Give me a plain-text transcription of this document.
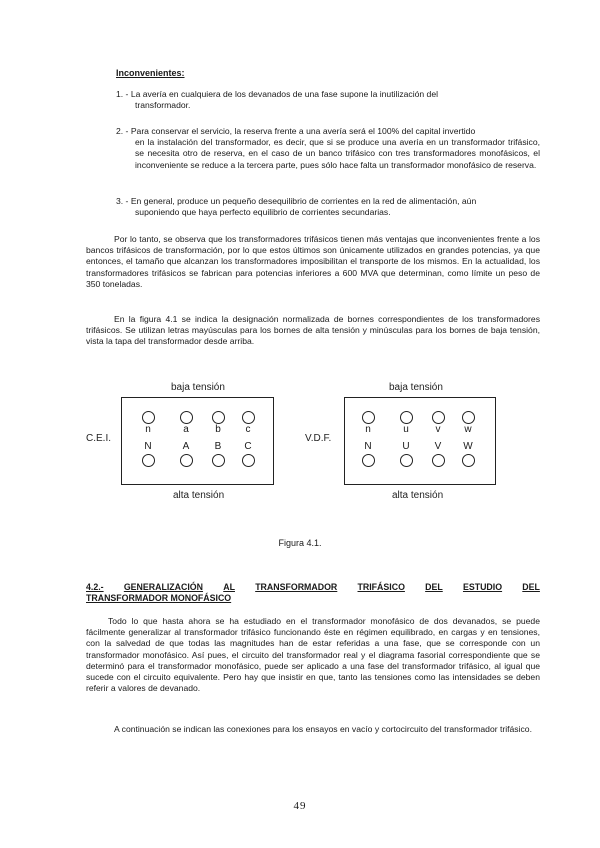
Inconvenientes:
1. - La avería en cualquiera de los devanados de una fase supone la inutilización del
transformador.
2. - Para conservar el servicio, la reserva frente a una avería será el 100% del capital invertido
en la instalación del transformador, es decir, que si se produce una avería en un transformador trifásico, se necesita otro de reserva, en el caso de un banco trifásico con tres transformadores monofásicos, el inconveniente se reduce a la tercera parte, pues sólo hace falta un transformador monofásico de reserva.
3. - En general, produce un pequeño desequilibrio de corrientes en la red de alimentación, aún
suponiendo que haya perfecto equilibrio de corrientes secundarias.
Por lo tanto, se observa que los transformadores trifásicos tienen más ventajas que inconvenientes frente a los bancos trifásicos de transformación, por lo que estos últimos son únicamente utilizados en grandes potencias, ya que entonces, el tamaño que alcanzan los transformadores imposibilitan el transporte de los mismos. En la actualidad, los transformadores trifásicos se fabrican para potencias inferiores a 600 MVA que determinan, como límite un peso de 350 toneladas.
En la figura 4.1 se indica la designación normalizada de bornes correspondientes de los transformadores trifásicos. Se utilizan letras mayúsculas para los bornes de alta tensión y minúsculas para los bornes de baja tensión, vista la tapa del transformador desde arriba.
baja tensión
C.E.I.
alta tensión
n	a	b	c
N	A	B	C
baja tensión
V.D.F.
alta tensión
n	u	v	w
N	U	V	W
Figura 4.1.
4.2.- GENERALIZACIÓN AL TRANSFORMADOR TRIFÁSICO DEL ESTUDIO DEL
TRANSFORMADOR MONOFÁSICO
Todo lo que hasta ahora se ha estudiado en el transformador monofásico de dos devanados, se puede fácilmente generalizar al transformador trifásico funcionando éste en régimen equilibrado, en cargas y en tensiones, con la salvedad de que todas las magnitudes han de estar referidas a una fase, que se corresponde con un transformador monofásico. Así pues, el circuito del transformador real y el diagrama fasorial correspondiente que se determinó para el transformador monofásico, puede ser aplicado a una fase del transformador trifásico, al igual que sucede con el circuito equivalente. Pero hay que insistir en que, tanto las tensiones como las intensidades se deben referir a valores de devanado.
A continuación se indican las conexiones para los ensayos en vacío y cortocircuito del transformador trifásico.
49
